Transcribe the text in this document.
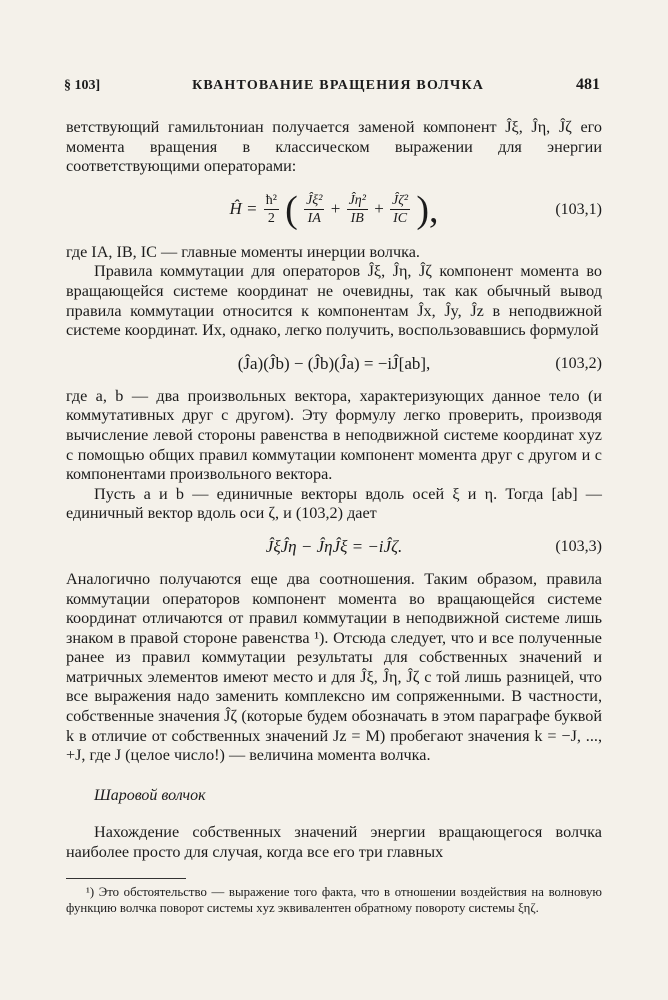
§ 103]	КВАНТОВАНИЕ ВРАЩЕНИЯ ВОЛЧКА	481

ветствующий гамильтониан получается заменой компонент Ĵξ, Ĵη, Ĵζ его момента вращения в классическом выражении для энергии соответствующими операторами:

Ĥ = $\frac{\text{ħ²}}{2}$ ( $\frac{\text{Ĵξ²}}{IA} + \frac{\text{Ĵη²}}{IB} + \frac{\text{Ĵζ²}}{IC}$ ),	(103,1)

где IA, IB, IC — главные моменты инерции волчка.

Правила коммутации для операторов Ĵξ, Ĵη, Ĵζ компонент момента во вращающейся системе координат не очевидны, так как обычный вывод правила коммутации относится к компонентам Ĵx, Ĵy, Ĵz в неподвижной системе координат. Их, однако, легко получить, воспользовавшись формулой

(Ĵa)(Ĵb) − (Ĵb)(Ĵa) = −iĴ[ab],	(103,2)

где a, b — два произвольных вектора, характеризующих данное тело (и коммутативных друг с другом). Эту формулу легко проверить, производя вычисление левой стороны равенства в неподвижной системе координат xyz с помощью общих правил коммутации компонент момента друг с другом и с компонентами произвольного вектора.

Пусть a и b — единичные векторы вдоль осей ξ и η. Тогда [ab] — единичный вектор вдоль оси ζ, и (103,2) дает

ĴξĴη − ĴηĴξ = −iĴζ.	(103,3)

Аналогично получаются еще два соотношения. Таким образом, правила коммутации операторов компонент момента во вращающейся системе координат отличаются от правил коммутации в неподвижной системе лишь знаком в правой стороне равенства ¹). Отсюда следует, что и все полученные ранее из правил коммутации результаты для собственных значений и матричных элементов имеют место и для Ĵξ, Ĵη, Ĵζ с той лишь разницей, что все выражения надо заменить комплексно им сопряженными. В частности, собственные значения Ĵζ (которые будем обозначать в этом параграфе буквой k в отличие от собственных значений Jz = M) пробегают значения k = −J, ..., +J, где J (целое число!) — величина момента волчка.

Шаровой волчок

Нахождение собственных значений энергии вращающегося волчка наиболее просто для случая, когда все его три главных

¹) Это обстоятельство — выражение того факта, что в отношении воздействия на волновую функцию волчка поворот системы xyz эквивалентен обратному повороту системы ξηζ.
